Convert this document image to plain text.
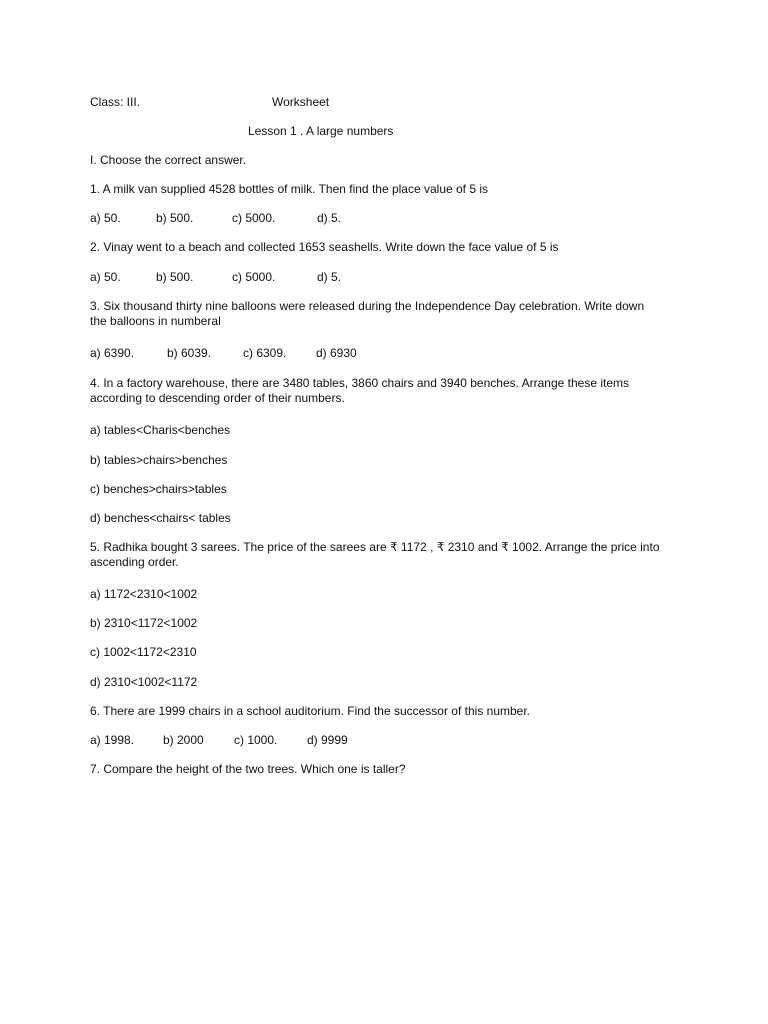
Class: III.	Worksheet
Lesson 1 . A large numbers
I. Choose the correct answer.
1. A milk van supplied 4528 bottles of milk. Then find the place value of 5 is
a) 50.	b) 500.	c) 5000.	d) 5.
2. Vinay went to a beach and collected 1653 seashells. Write down the face value of 5 is
a) 50.	b) 500.	c) 5000.	d) 5.
3. Six thousand thirty nine balloons were released during the Independence Day celebration. Write down the balloons in numberal
a) 6390.	b) 6039.	c) 6309. d) 6930
4. In a factory warehouse, there are 3480 tables, 3860 chairs and 3940 benches. Arrange these items according to descending order of their numbers.
a) tables<Charis<benches
b) tables>chairs>benches
c) benches>chairs>tables
d) benches<chairs< tables
5. Radhika bought 3 sarees. The price of the sarees are ₹ 1172 , ₹ 2310 and ₹ 1002. Arrange the price into ascending order.
a) 1172<2310<1002
b) 2310<1172<1002
c) 1002<1172<2310
d) 2310<1002<1172
6. There are 1999 chairs in a school auditorium. Find the successor of this number.
a) 1998. b) 2000	c) 1000. d) 9999
7. Compare the height of the two trees. Which one is taller?
